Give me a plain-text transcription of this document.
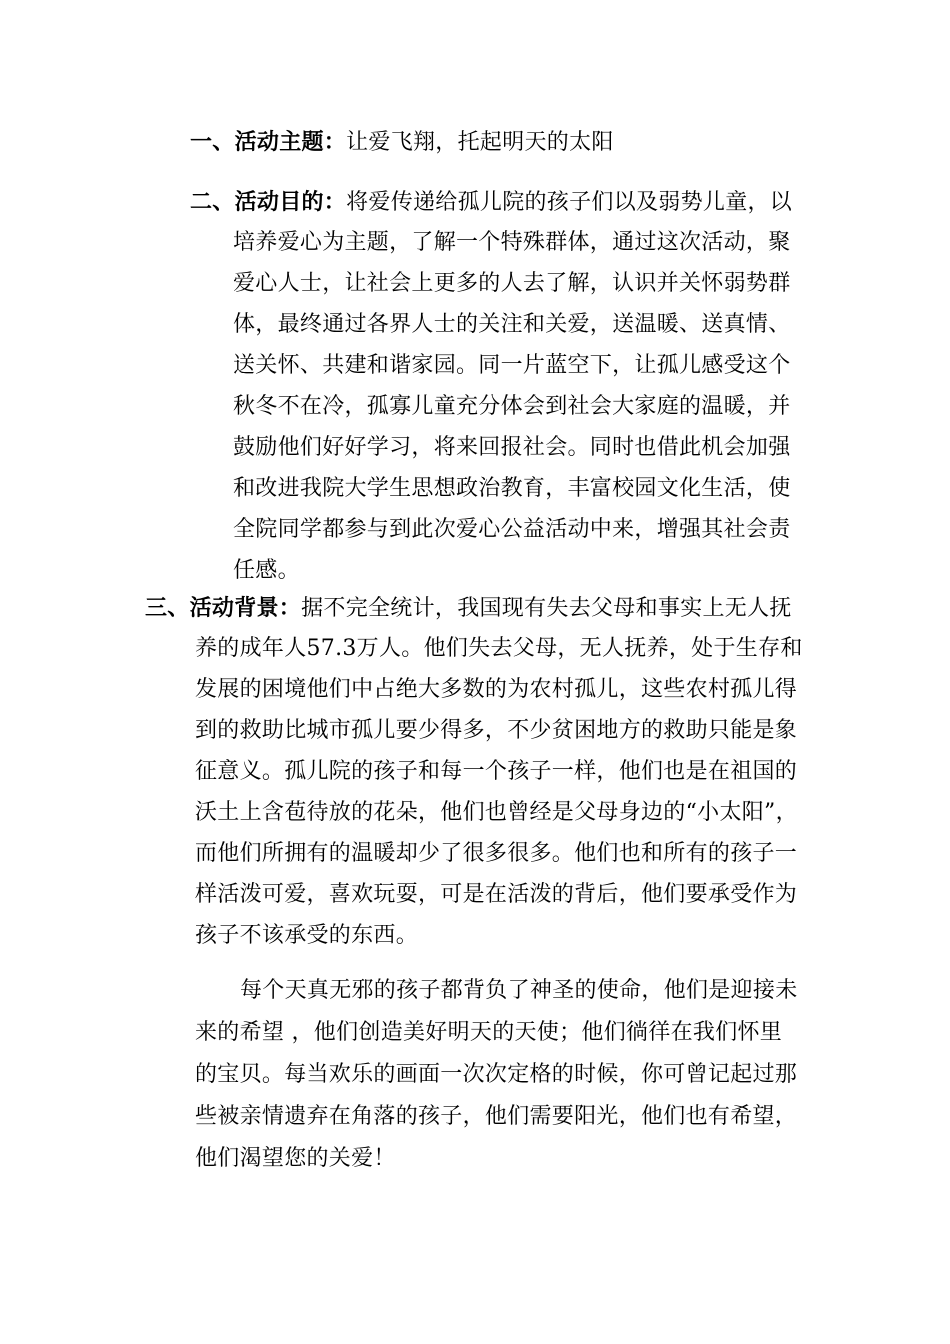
一、活动主题：让爱飞翔，托起明天的太阳
二、活动目的：将爱传递给孤儿院的孩子们以及弱势儿童，以
培养爱心为主题，了解一个特殊群体，通过这次活动，聚
爱心人士，让社会上更多的人去了解，认识并关怀弱势群
体，最终通过各界人士的关注和关爱，送温暖、送真情、
送关怀、共建和谐家园。同一片蓝空下，让孤儿感受这个
秋冬不在冷，孤寡儿童充分体会到社会大家庭的温暖，并
鼓励他们好好学习，将来回报社会。同时也借此机会加强
和改进我院大学生思想政治教育，丰富校园文化生活，使
全院同学都参与到此次爱心公益活动中来，增强其社会责
任感。
三、活动背景：据不完全统计，我国现有失去父母和事实上无人抚
养的成年人57.3万人。他们失去父母，无人抚养，处于生存和
发展的困境他们中占绝大多数的为农村孤儿，这些农村孤儿得
到的救助比城市孤儿要少得多，不少贫困地方的救助只能是象
征意义。孤儿院的孩子和每一个孩子一样，他们也是在祖国的
沃土上含苞待放的花朵，他们也曾经是父母身边的“小太阳”，
而他们所拥有的温暖却少了很多很多。他们也和所有的孩子一
样活泼可爱，喜欢玩耍，可是在活泼的背后，他们要承受作为
孩子不该承受的东西。
每个天真无邪的孩子都背负了神圣的使命，他们是迎接未
来的希望 ，他们创造美好明天的天使；他们徜徉在我们怀里
的宝贝。每当欢乐的画面一次次定格的时候，你可曾记起过那
些被亲情遗弃在角落的孩子，他们需要阳光，他们也有希望，
他们渴望您的关爱！
